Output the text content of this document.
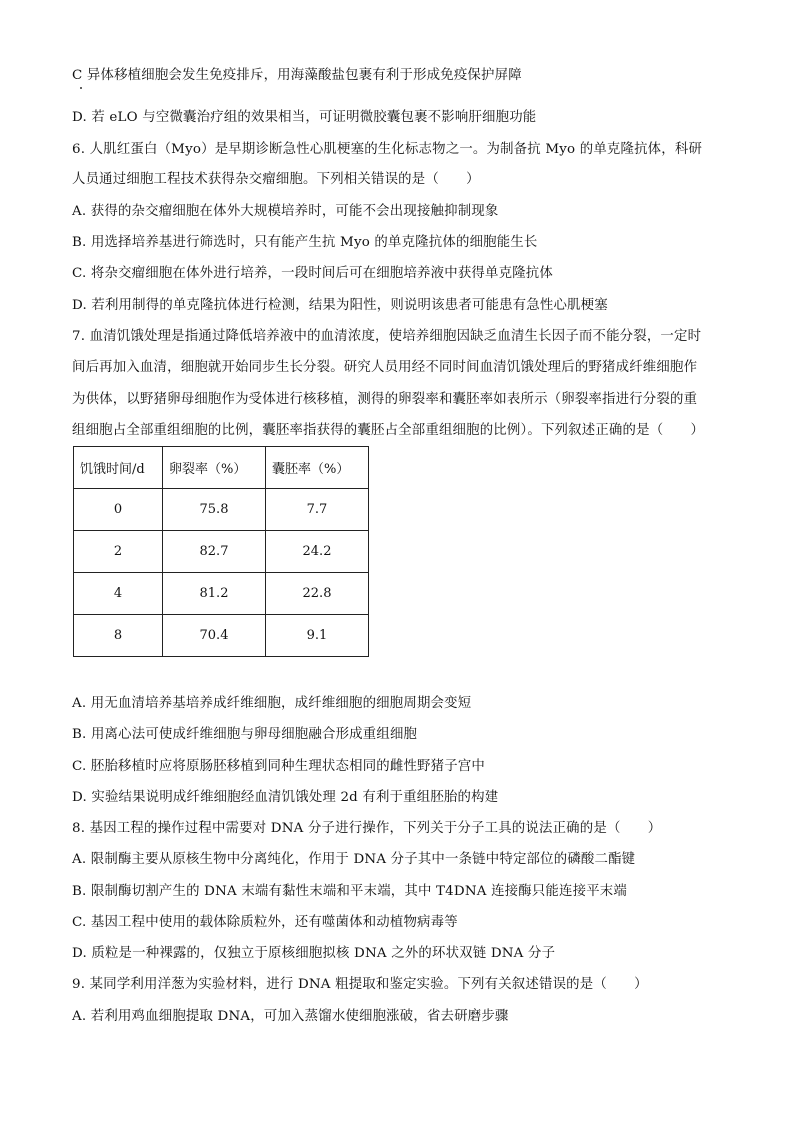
C 异体移植细胞会发生免疫排斥，用海藻酸盐包裹有利于形成免疫保护屏障
D. 若 eLO 与空微囊治疗组的效果相当，可证明微胶囊包裹不影响肝细胞功能
6. 人肌红蛋白（Myo）是早期诊断急性心肌梗塞的生化标志物之一。为制备抗 Myo 的单克隆抗体，科研
人员通过细胞工程技术获得杂交瘤细胞。下列相关错误的是（　　）
A. 获得的杂交瘤细胞在体外大规模培养时，可能不会出现接触抑制现象
B. 用选择培养基进行筛选时，只有能产生抗 Myo 的单克隆抗体的细胞能生长
C. 将杂交瘤细胞在体外进行培养，一段时间后可在细胞培养液中获得单克隆抗体
D. 若利用制得的单克隆抗体进行检测，结果为阳性，则说明该患者可能患有急性心肌梗塞
7. 血清饥饿处理是指通过降低培养液中的血清浓度，使培养细胞因缺乏血清生长因子而不能分裂，一定时
间后再加入血清，细胞就开始同步生长分裂。研究人员用经不同时间血清饥饿处理后的野猪成纤维细胞作
为供体，以野猪卵母细胞作为受体进行核移植，测得的卵裂率和囊胚率如表所示（卵裂率指进行分裂的重
组细胞占全部重组细胞的比例，囊胚率指获得的囊胚占全部重组细胞的比例）。下列叙述正确的是（　　）
饥饿时间/d	卵裂率（%）	囊胚率（%）
0	75.8	7.7
2	82.7	24.2
4	81.2	22.8
8	70.4	9.1
A. 用无血清培养基培养成纤维细胞，成纤维细胞的细胞周期会变短
B. 用离心法可使成纤维细胞与卵母细胞融合形成重组细胞
C. 胚胎移植时应将原肠胚移植到同种生理状态相同的雌性野猪子宫中
D. 实验结果说明成纤维细胞经血清饥饿处理 2d 有利于重组胚胎的构建
8. 基因工程的操作过程中需要对 DNA 分子进行操作，下列关于分子工具的说法正确的是（　　）
A. 限制酶主要从原核生物中分离纯化，作用于 DNA 分子其中一条链中特定部位的磷酸二酯键
B. 限制酶切割产生的 DNA 末端有黏性末端和平末端，其中 T4DNA 连接酶只能连接平末端
C. 基因工程中使用的载体除质粒外，还有噬菌体和动植物病毒等
D. 质粒是一种裸露的，仅独立于原核细胞拟核 DNA 之外的环状双链 DNA 分子
9. 某同学利用洋葱为实验材料，进行 DNA 粗提取和鉴定实验。下列有关叙述错误的是（　　）
A. 若利用鸡血细胞提取 DNA，可加入蒸馏水使细胞涨破，省去研磨步骤
